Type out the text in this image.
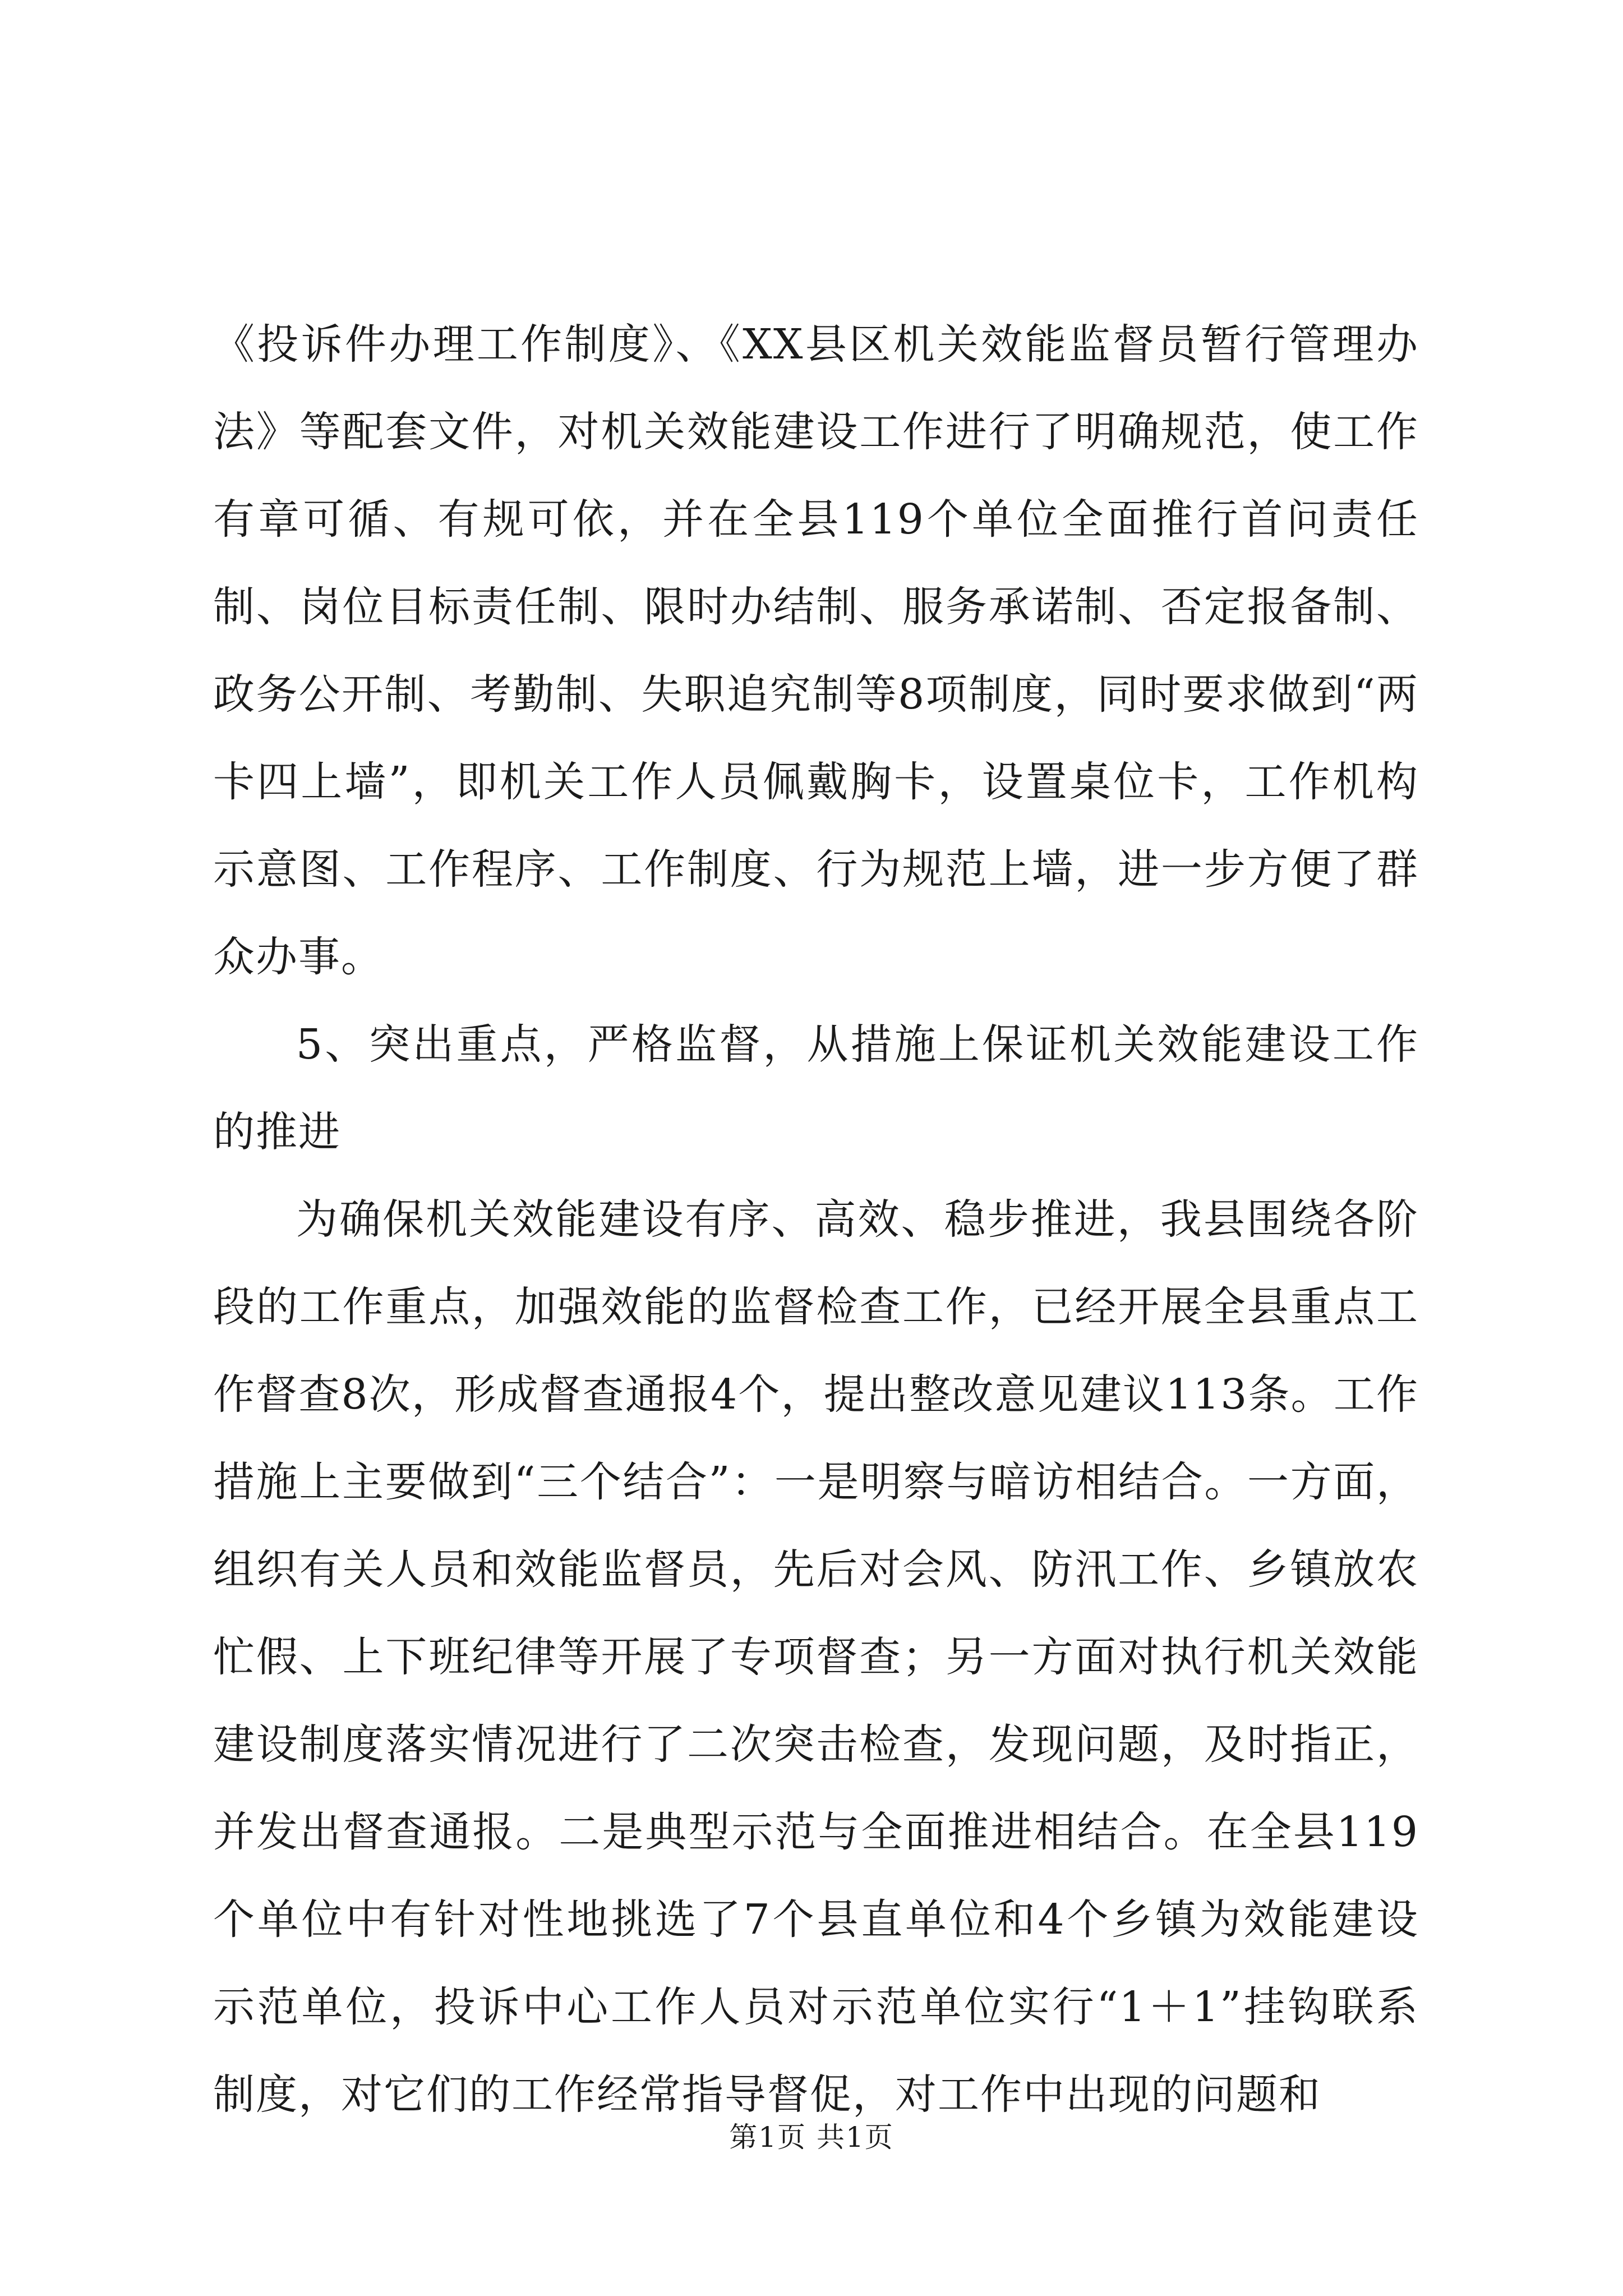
《投诉件办理工作制度》、《XX县区机关效能监督员暂行管理办法》等配套文件，对机关效能建设工作进行了明确规范，使工作有章可循、有规可依，并在全县119个单位全面推行首问责任制、岗位目标责任制、限时办结制、服务承诺制、否定报备制、政务公开制、考勤制、失职追究制等8项制度，同时要求做到“两卡四上墙”，即机关工作人员佩戴胸卡，设置桌位卡，工作机构示意图、工作程序、工作制度、行为规范上墙，进一步方便了群众办事。

5、突出重点，严格监督，从措施上保证机关效能建设工作的推进

为确保机关效能建设有序、高效、稳步推进，我县围绕各阶段的工作重点，加强效能的监督检查工作，已经开展全县重点工作督查8次，形成督查通报4个，提出整改意见建议113条。工作措施上主要做到“三个结合”：一是明察与暗访相结合。一方面，组织有关人员和效能监督员，先后对会风、防汛工作、乡镇放农忙假、上下班纪律等开展了专项督查；另一方面对执行机关效能建设制度落实情况进行了二次突击检查，发现问题，及时指正，并发出督查通报。二是典型示范与全面推进相结合。在全县119个单位中有针对性地挑选了7个县直单位和4个乡镇为效能建设示范单位，投诉中心工作人员对示范单位实行“1＋1”挂钩联系制度，对它们的工作经常指导督促，对工作中出现的问题和

第1页 共1页
